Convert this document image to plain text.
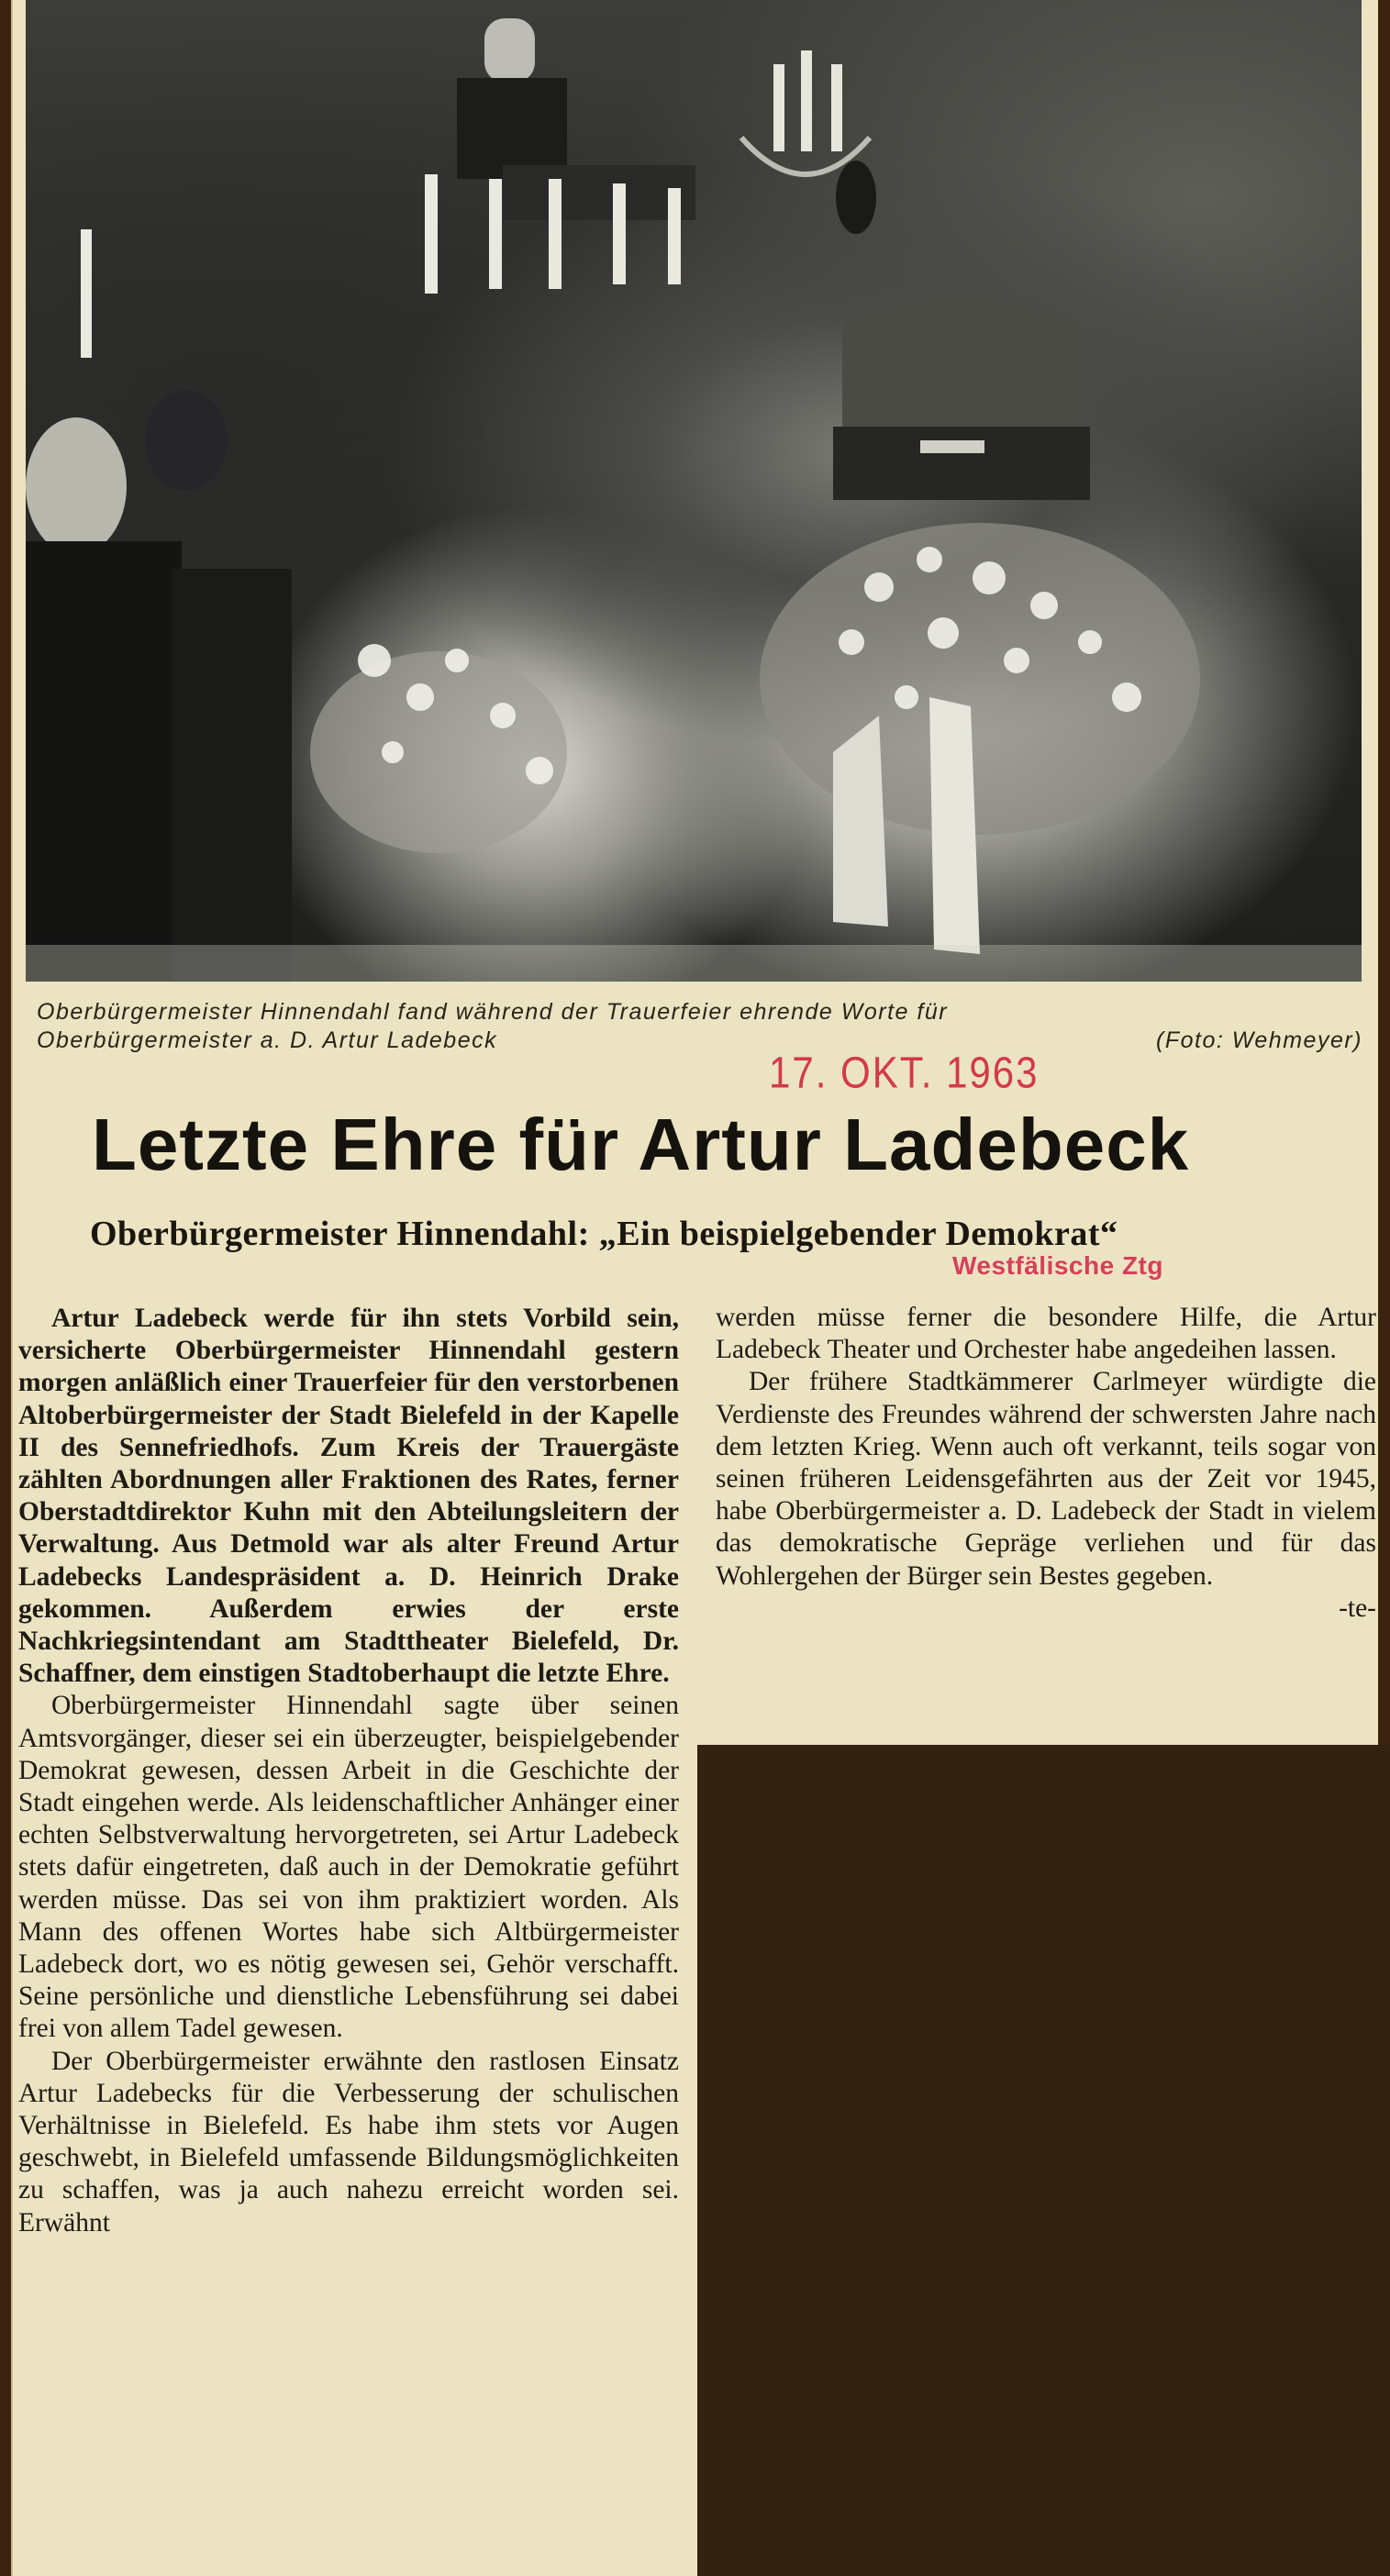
Oberbürgermeister Hinnendahl fand während der Trauerfeier ehrende Worte für
Oberbürgermeister a. D. Artur Ladebeck	(Foto: Wehmeyer)
17. OKT. 1963
Letzte Ehre für Artur Ladebeck
Oberbürgermeister Hinnendahl: „Ein beispielgebender Demokrat“
Westfälische Ztg

Artur Ladebeck werde für ihn stets Vorbild sein, versicherte Oberbürgermeister Hinnendahl gestern morgen anläßlich einer Trauerfeier für den verstorbenen Altoberbürgermeister der Stadt Bielefeld in der Kapelle II des Sennefriedhofs. Zum Kreis der Trauergäste zählten Abordnungen aller Fraktionen des Rates, ferner Oberstadtdirektor Kuhn mit den Abteilungsleitern der Verwaltung. Aus Detmold war als alter Freund Artur Ladebecks Landespräsident a. D. Heinrich Drake gekommen. Außerdem erwies der erste Nachkriegsintendant am Stadttheater Bielefeld, Dr. Schaffner, dem einstigen Stadtoberhaupt die letzte Ehre.

Oberbürgermeister Hinnendahl sagte über seinen Amtsvorgänger, dieser sei ein überzeugter, beispielgebender Demokrat gewesen, dessen Arbeit in die Geschichte der Stadt eingehen werde. Als leidenschaftlicher Anhänger einer echten Selbstverwaltung hervorgetreten, sei Artur Ladebeck stets dafür eingetreten, daß auch in der Demokratie geführt werden müsse. Das sei von ihm praktiziert worden. Als Mann des offenen Wortes habe sich Altbürgermeister Ladebeck dort, wo es nötig gewesen sei, Gehör verschafft. Seine persönliche und dienstliche Lebensführung sei dabei frei von allem Tadel gewesen.

Der Oberbürgermeister erwähnte den rastlosen Einsatz Artur Ladebecks für die Verbesserung der schulischen Verhältnisse in Bielefeld. Es habe ihm stets vor Augen geschwebt, in Bielefeld umfassende Bildungsmöglichkeiten zu schaffen, was ja auch nahezu erreicht worden sei. Erwähnt

werden müsse ferner die besondere Hilfe, die Artur Ladebeck Theater und Orchester habe angedeihen lassen.

Der frühere Stadtkämmerer Carlmeyer würdigte die Verdienste des Freundes während der schwersten Jahre nach dem letzten Krieg. Wenn auch oft verkannt, teils sogar von seinen früheren Leidensgefährten aus der Zeit vor 1945, habe Oberbürgermeister a. D. Ladebeck der Stadt in vielem das demokratische Gepräge verliehen und für das Wohlergehen der Bürger sein Bestes gegeben.

-te-
